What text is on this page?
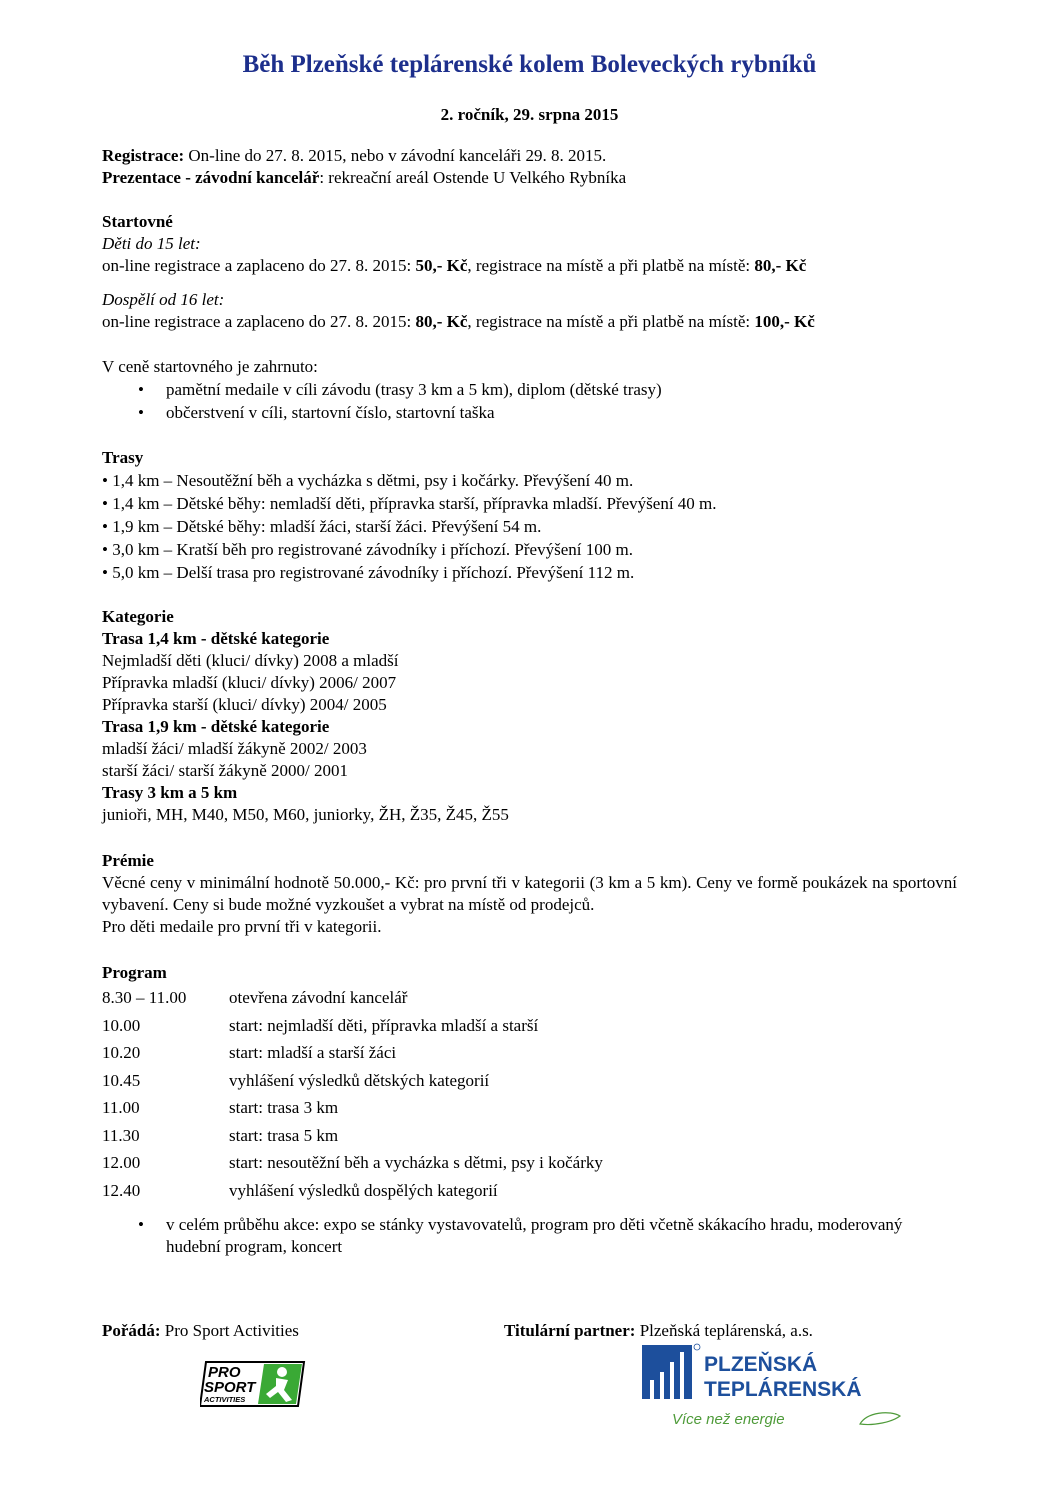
Běh Plzeňské teplárenské kolem Boleveckých rybníků
2. ročník, 29. srpna 2015
Registrace: On-line do 27. 8. 2015, nebo v závodní kanceláři 29. 8. 2015.
Prezentace - závodní kancelář: rekreační areál Ostende U Velkého Rybníka
Startovné
Děti do 15 let:
on-line registrace a zaplaceno do 27. 8. 2015: 50,- Kč, registrace na místě a při platbě na místě: 80,- Kč
Dospělí od 16 let:
on-line registrace a zaplaceno do 27. 8. 2015: 80,- Kč, registrace na místě a při platbě na místě: 100,- Kč
V ceně startovného je zahrnuto:
• pamětní medaile v cíli závodu (trasy 3 km a 5 km), diplom (dětské trasy)
• občerstvení v cíli, startovní číslo, startovní taška
Trasy
• 1,4 km – Nesoutěžní běh a vycházka s dětmi, psy i kočárky. Převýšení 40 m.
• 1,4 km – Dětské běhy: nemladší děti, přípravka starší, přípravka mladší. Převýšení 40 m.
• 1,9 km – Dětské běhy: mladší žáci, starší žáci. Převýšení 54 m.
• 3,0 km – Kratší běh pro registrované závodníky i příchozí. Převýšení 100 m.
• 5,0 km – Delší trasa pro registrované závodníky i příchozí. Převýšení 112 m.
Kategorie
Trasa 1,4 km - dětské kategorie
Nejmladší děti (kluci/ dívky) 2008 a mladší
Přípravka mladší (kluci/ dívky) 2006/ 2007
Přípravka starší (kluci/ dívky) 2004/ 2005
Trasa 1,9 km - dětské kategorie
mladší žáci/ mladší žákyně 2002/ 2003
starší žáci/ starší žákyně 2000/ 2001
Trasy 3 km a 5 km
junioři, MH, M40, M50, M60, juniorky, ŽH, Ž35, Ž45, Ž55
Prémie
Věcné ceny v minimální hodnotě 50.000,- Kč: pro první tři v kategorii (3 km a 5 km). Ceny ve formě poukázek na sportovní vybavení. Ceny si bude možné vyzkoušet a vybrat na místě od prodejců.
Pro děti medaile pro první tři v kategorii.
Program
8.30 – 11.00	otevřena závodní kancelář
10.00	start: nejmladší děti, přípravka mladší a starší
10.20	start: mladší a starší žáci
10.45	vyhlášení výsledků dětských kategorií
11.00	start: trasa 3 km
11.30	start: trasa 5 km
12.00	start: nesoutěžní běh a vycházka s dětmi, psy i kočárky
12.40	vyhlášení výsledků dospělých kategorií
• v celém průběhu akce: expo se stánky vystavovatelů, program pro děti včetně skákacího hradu, moderovaný hudební program, koncert
Pořádá: Pro Sport Activities	Titulární partner: Plzeňská teplárenská, a.s.
PRO
SPORT
ACTIVITIES
PLZEŇSKÁ
TEPLÁRENSKÁ
Více než energie
